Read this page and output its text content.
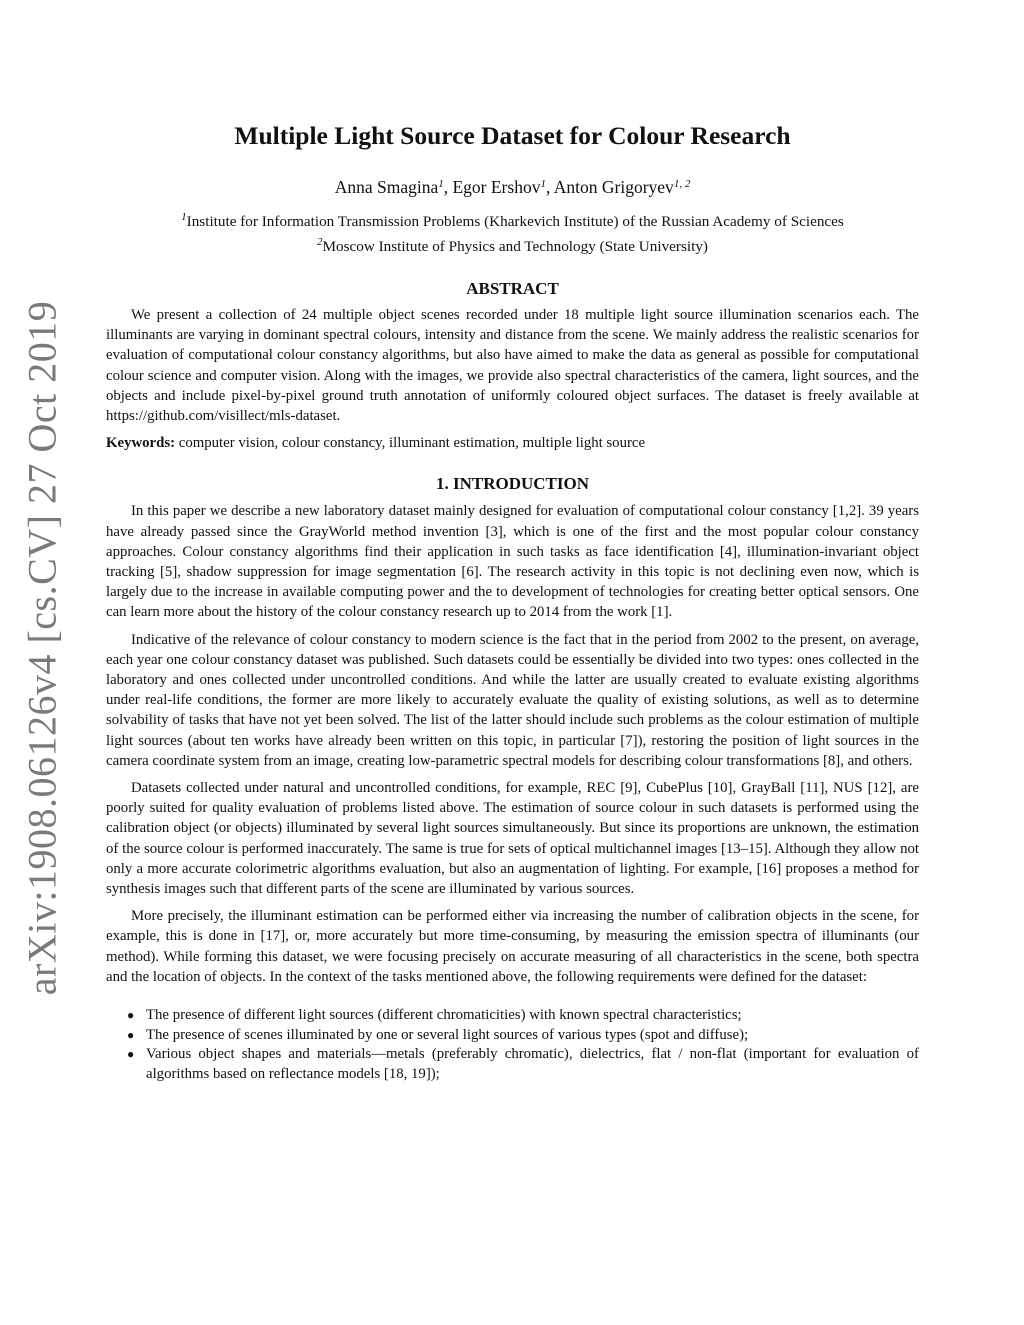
arXiv:1908.06126v4 [cs.CV] 27 Oct 2019
Multiple Light Source Dataset for Colour Research
Anna Smagina$^1$, Egor Ershov$^1$, Anton Grigoryev$^{1, 2}$
$^1$Institute for Information Transmission Problems (Kharkevich Institute) of the Russian Academy of Sciences
$^2$Moscow Institute of Physics and Technology (State University)
ABSTRACT

We present a collection of 24 multiple object scenes recorded under 18 multiple light source illumination scenarios each. The illuminants are varying in dominant spectral colours, intensity and distance from the scene. We mainly address the realistic scenarios for evaluation of computational colour constancy algorithms, but also have aimed to make the data as general as possible for computational colour science and computer vision. Along with the images, we provide also spectral characteristics of the camera, light sources, and the objects and include pixel-by-pixel ground truth annotation of uniformly coloured object surfaces. The dataset is freely available at https://github.com/visillect/mls-dataset.

Keywords: computer vision, colour constancy, illuminant estimation, multiple light source
1. INTRODUCTION

In this paper we describe a new laboratory dataset mainly designed for evaluation of computational colour constancy [1,2]. 39 years have already passed since the GrayWorld method invention [3], which is one of the first and the most popular colour constancy approaches. Colour constancy algorithms find their application in such tasks as face identification [4], illumination-invariant object tracking [5], shadow suppression for image segmentation [6]. The research activity in this topic is not declining even now, which is largely due to the increase in available computing power and the to development of technologies for creating better optical sensors. One can learn more about the history of the colour constancy research up to 2014 from the work [1].

Indicative of the relevance of colour constancy to modern science is the fact that in the period from 2002 to the present, on average, each year one colour constancy dataset was published. Such datasets could be essentially be divided into two types: ones collected in the laboratory and ones collected under uncontrolled conditions. And while the latter are usually created to evaluate existing algorithms under real-life conditions, the former are more likely to accurately evaluate the quality of existing solutions, as well as to determine solvability of tasks that have not yet been solved. The list of the latter should include such problems as the colour estimation of multiple light sources (about ten works have already been written on this topic, in particular [7]), restoring the position of light sources in the camera coordinate system from an image, creating low-parametric spectral models for describing colour transformations [8], and others.

Datasets collected under natural and uncontrolled conditions, for example, REC [9], CubePlus [10], GrayBall [11], NUS [12], are poorly suited for quality evaluation of problems listed above. The estimation of source colour in such datasets is performed using the calibration object (or objects) illuminated by several light sources simultaneously. But since its proportions are unknown, the estimation of the source colour is performed inaccurately. The same is true for sets of optical multichannel images [13–15]. Although they allow not only a more accurate colorimetric algorithms evaluation, but also an augmentation of lighting. For example, [16] proposes a method for synthesis images such that different parts of the scene are illuminated by various sources.

More precisely, the illuminant estimation can be performed either via increasing the number of calibration objects in the scene, for example, this is done in [17], or, more accurately but more time-consuming, by measuring the emission spectra of illuminants (our method). While forming this dataset, we were focusing precisely on accurate measuring of all characteristics in the scene, both spectra and the location of objects. In the context of the tasks mentioned above, the following requirements were defined for the dataset:

● The presence of different light sources (different chromaticities) with known spectral characteristics;
● The presence of scenes illuminated by one or several light sources of various types (spot and diffuse);
● Various object shapes and materials—metals (preferably chromatic), dielectrics, flat / non-flat (important for evaluation of algorithms based on reflectance models [18, 19]);
